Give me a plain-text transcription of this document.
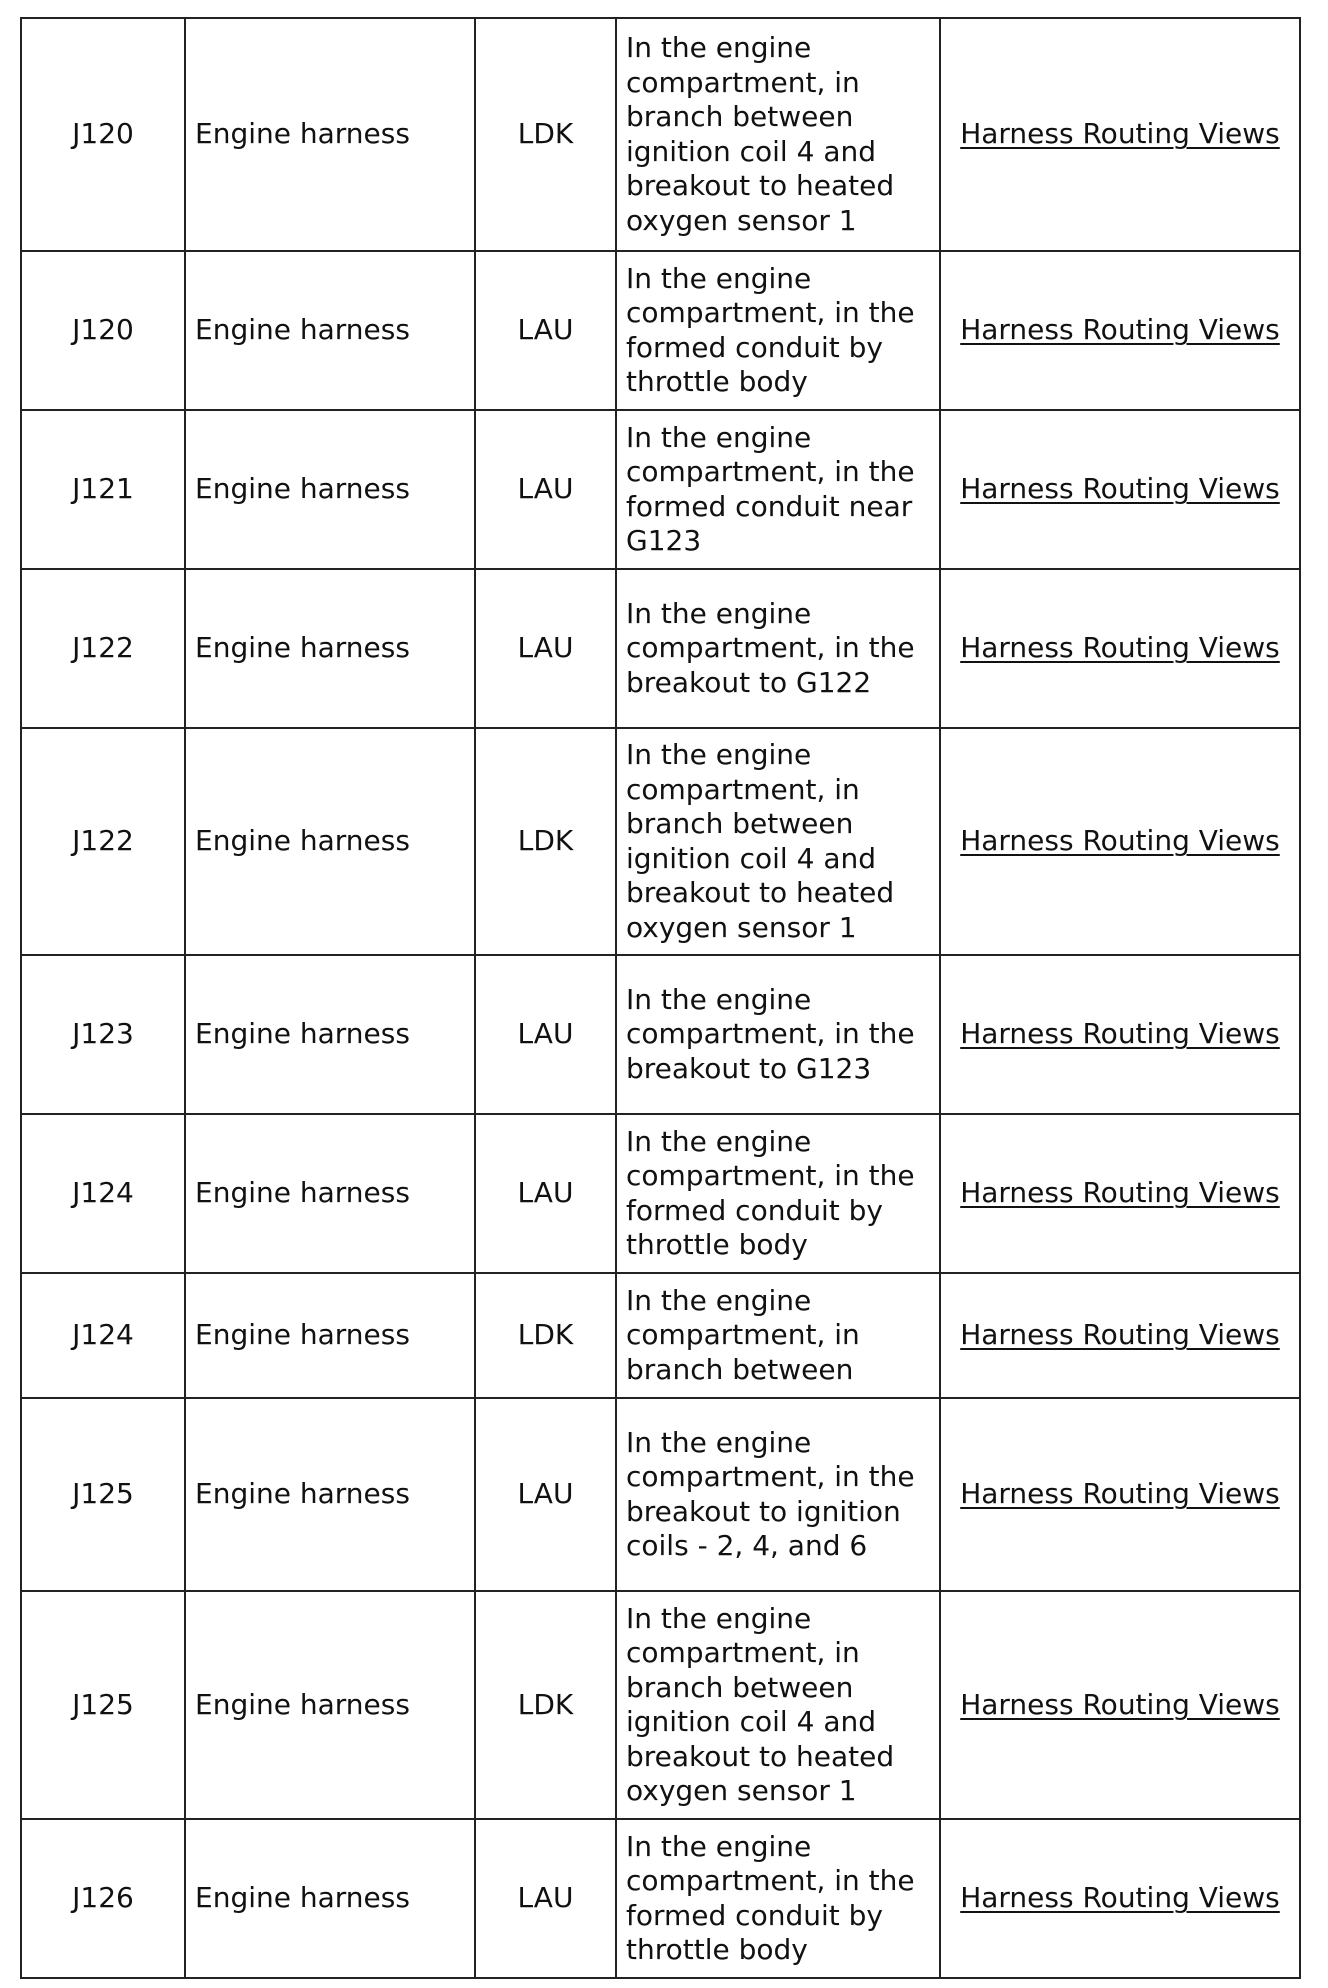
J120	Engine harness	LDK	In the engine compartment, in branch between ignition coil 4 and breakout to heated oxygen sensor 1	Harness Routing Views
J120	Engine harness	LAU	In the engine compartment, in the formed conduit by throttle body	Harness Routing Views
J121	Engine harness	LAU	In the engine compartment, in the formed conduit near G123	Harness Routing Views
J122	Engine harness	LAU	In the engine compartment, in the breakout to G122	Harness Routing Views
J122	Engine harness	LDK	In the engine compartment, in branch between ignition coil 4 and breakout to heated oxygen sensor 1	Harness Routing Views
J123	Engine harness	LAU	In the engine compartment, in the breakout to G123	Harness Routing Views
J124	Engine harness	LAU	In the engine compartment, in the formed conduit by throttle body	Harness Routing Views
J124	Engine harness	LDK	In the engine compartment, in branch between	Harness Routing Views
J125	Engine harness	LAU	In the engine compartment, in the breakout to ignition coils - 2, 4, and 6	Harness Routing Views
J125	Engine harness	LDK	In the engine compartment, in branch between ignition coil 4 and breakout to heated oxygen sensor 1	Harness Routing Views
J126	Engine harness	LAU	In the engine compartment, in the formed conduit by throttle body	Harness Routing Views
